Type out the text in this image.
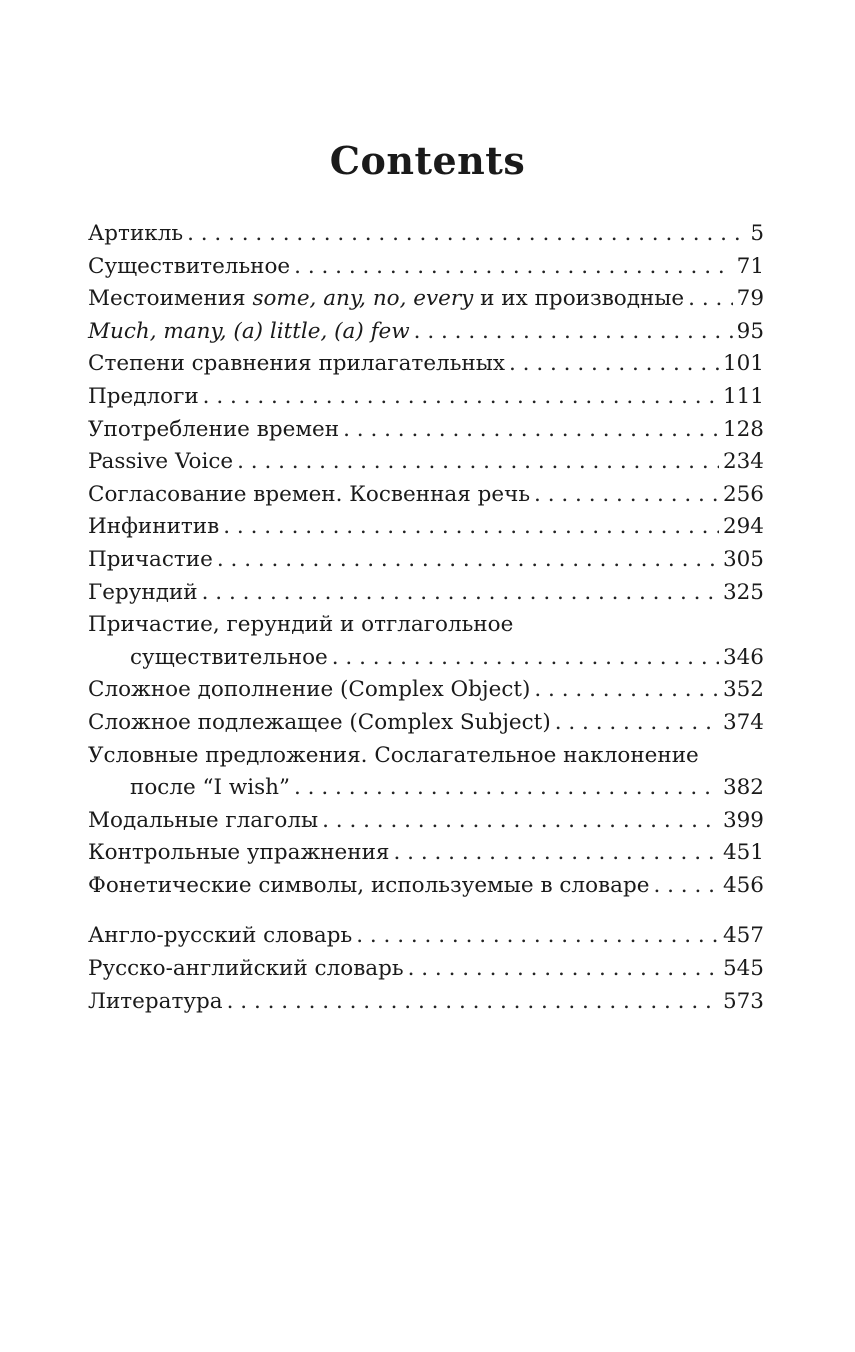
Contents
Артикль . . .	5
Существительное . . .	71
Местоимения some, any, no, every и их производные . . . 79
Much, many, (a) little, (a) few . . .	95
Степени сравнения прилагательных . . .	101
Предлоги . . .	111
Употребление времен . . .	128
Passive Voice . . .	234
Согласование времен. Косвенная речь . . .	256
Инфинитив . . .	294
Причастие . . .	305
Герундий . . .	325
Причастие, герундий и отглагольное
существительное . . .	346
Сложное дополнение (Complex Object) . . .	352
Сложное подлежащее (Complex Subject) . . .	374
Условные предложения. Сослагательное наклонение
после “I wish” . . .	382
Модальные глаголы . . .	399
Контрольные упражнения . . .	451
Фонетические символы, используемые в словаре . . .	456
Англо-русский словарь . . .	457
Русско-английский словарь . . .	545
Литература . . .	573
